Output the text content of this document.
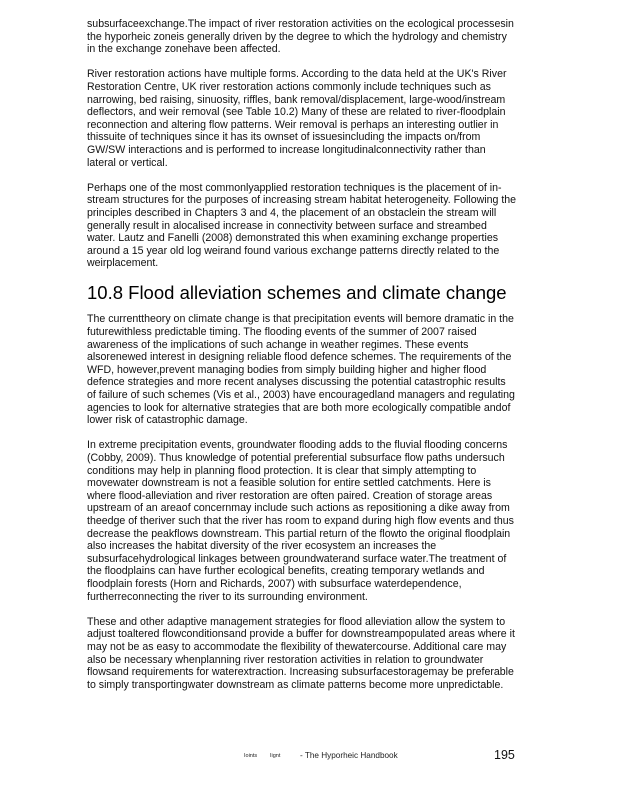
subsurfaceexchange.The impact of river restoration activities on the ecological processesin the hyporheic zoneis generally driven by the degree to which the hydrology and chemistry in the exchange zonehave been affected.

River restoration actions have multiple forms. According to the data held at the UK's River Restoration Centre, UK river restoration actions commonly include techniques such as narrowing, bed raising, sinuosity, riffles, bank removal/displacement, large-wood/instream deflectors, and weir removal (see Table 10.2) Many of these are related to river-floodplain reconnection and altering flow patterns. Weir removal is perhaps an interesting outlier in thissuite of techniques since it has its ownset of issuesincluding the impacts on/from GW/SW interactions and is performed to increase longitudinalconnectivity rather than lateral or vertical.

Perhaps one of the most commonlyapplied restoration techniques is the placement of in-stream structures for the purposes of increasing stream habitat heterogeneity. Following the principles described in Chapters 3 and 4, the placement of an obstaclein the stream will generally result in alocalised increase in connectivity between surface and streambed water. Lautz and Fanelli (2008) demonstrated this when examining exchange properties around a 15 year old log weirand found various exchange patterns directly related to the weirplacement.

10.8 Flood alleviation schemes and climate change

The currenttheory on climate change is that precipitation events will bemore dramatic in the futurewithless predictable timing. The flooding events of the summer of 2007 raised awareness of the implications of such achange in weather regimes. These events alsorenewed interest in designing reliable flood defence schemes. The requirements of the WFD, however,prevent managing bodies from simply building higher and higher flood defence strategies and more recent analyses discussing the potential catastrophic results of failure of such schemes (Vis et al., 2003) have encouragedland managers and regulating agencies to look for alternative strategies that are both more ecologically compatible andof lower risk of catastrophic damage.

In extreme precipitation events, groundwater flooding adds to the fluvial flooding concerns (Cobby, 2009). Thus knowledge of potential preferential subsurface flow paths undersuch conditions may help in planning flood protection. It is clear that simply attempting to movewater downstream is not a feasible solution for entire settled catchments. Here is where flood-alleviation and river restoration are often paired. Creation of storage areas upstream of an areaof concernmay include such actions as repositioning a dike away from theedge of theriver such that the river has room to expand during high flow events and thus decrease the peakflows downstream. This partial return of the flowto the original floodplain also increases the habitat diversity of the river ecosystem an increases the subsurfacehydrological linkages between groundwaterand surface water.The treatment of the floodplains can have further ecological benefits, creating temporary wetlands and floodplain forests (Horn and Richards, 2007) with subsurface waterdependence, furtherreconnecting the river to its surrounding environment.

These and other adaptive management strategies for flood alleviation allow the system to adjust toaltered flowconditionsand provide a buffer for downstreampopulated areas where it may not be as easy to accommodate the flexibility of thewatercourse. Additional care may also be necessary whenplanning river restoration activities in relation to groundwater flowsand requirements for waterextraction. Increasing subsurfacestoragemay be preferable to simply transportingwater downstream as climate patterns become more unpredictable.

Ioints Iignt - The Hyporheic Handbook	195
